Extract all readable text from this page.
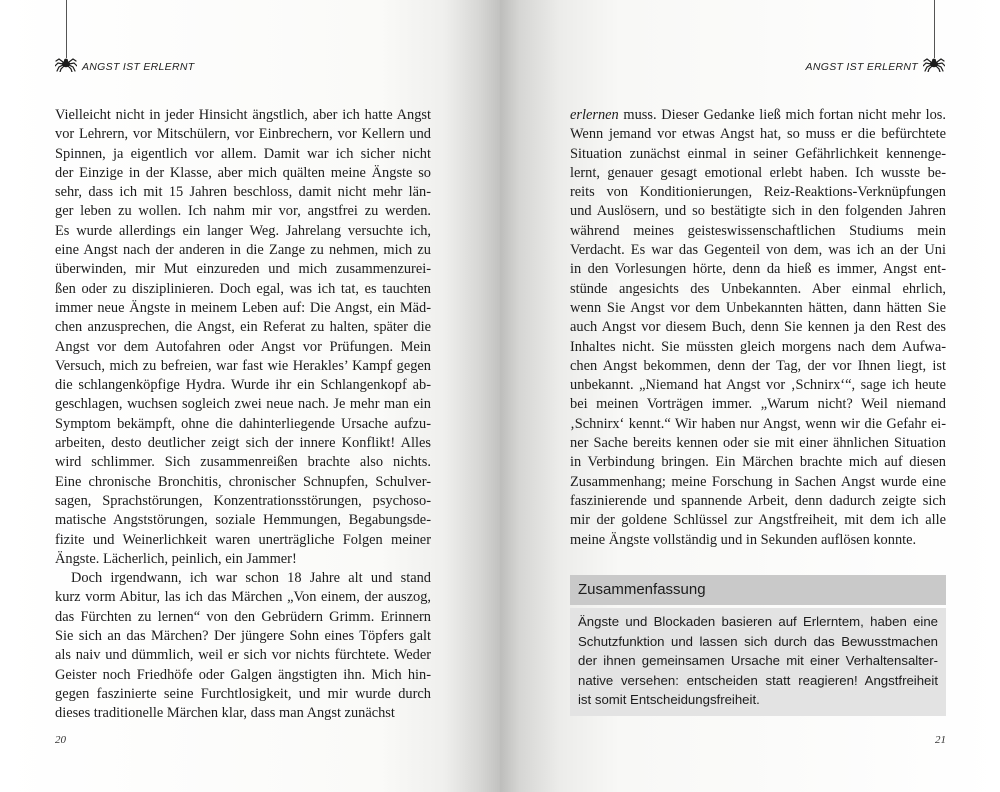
ANGST IST ERLERNT
Vielleicht nicht in jeder Hinsicht ängstlich, aber ich hatte Angst
vor Lehrern, vor Mitschülern, vor Einbrechern, vor Kellern und
Spinnen, ja eigentlich vor allem. Damit war ich sicher nicht
der Einzige in der Klasse, aber mich quälten meine Ängste so
sehr, dass ich mit 15 Jahren beschloss, damit nicht mehr län-
ger leben zu wollen. Ich nahm mir vor, angstfrei zu werden.
Es wurde allerdings ein langer Weg. Jahrelang versuchte ich,
eine Angst nach der anderen in die Zange zu nehmen, mich zu
überwinden, mir Mut einzureden und mich zusammenzurei-
ßen oder zu disziplinieren. Doch egal, was ich tat, es tauchten
immer neue Ängste in meinem Leben auf: Die Angst, ein Mäd-
chen anzusprechen, die Angst, ein Referat zu halten, später die
Angst vor dem Autofahren oder Angst vor Prüfungen. Mein
Versuch, mich zu befreien, war fast wie Herakles’ Kampf gegen
die schlangenköpfige Hydra. Wurde ihr ein Schlangenkopf ab-
geschlagen, wuchsen sogleich zwei neue nach. Je mehr man ein
Symptom bekämpft, ohne die dahinterliegende Ursache aufzu-
arbeiten, desto deutlicher zeigt sich der innere Konflikt! Alles
wird schlimmer. Sich zusammenreißen brachte also nichts.
Eine chronische Bronchitis, chronischer Schnupfen, Schulver-
sagen, Sprachstörungen, Konzentrationsstörungen, psychoso-
matische Angststörungen, soziale Hemmungen, Begabungsde-
fizite und Weinerlichkeit waren unerträgliche Folgen meiner
Ängste. Lächerlich, peinlich, ein Jammer!
Doch irgendwann, ich war schon 18 Jahre alt und stand
kurz vorm Abitur, las ich das Märchen „Von einem, der auszog,
das Fürchten zu lernen“ von den Gebrüdern Grimm. Erinnern
Sie sich an das Märchen? Der jüngere Sohn eines Töpfers galt
als naiv und dümmlich, weil er sich vor nichts fürchtete. Weder
Geister noch Friedhöfe oder Galgen ängstigten ihn. Mich hin-
gegen faszinierte seine Furchtlosigkeit, und mir wurde durch
dieses traditionelle Märchen klar, dass man Angst zunächst
20
ANGST IST ERLERNT
erlernen muss. Dieser Gedanke ließ mich fortan nicht mehr los.
Wenn jemand vor etwas Angst hat, so muss er die befürchtete
Situation zunächst einmal in seiner Gefährlichkeit kennenge-
lernt, genauer gesagt emotional erlebt haben. Ich wusste be-
reits von Konditionierungen, Reiz-Reaktions-Verknüpfungen
und Auslösern, und so bestätigte sich in den folgenden Jahren
während meines geisteswissenschaftlichen Studiums mein
Verdacht. Es war das Gegenteil von dem, was ich an der Uni
in den Vorlesungen hörte, denn da hieß es immer, Angst ent-
stünde angesichts des Unbekannten. Aber einmal ehrlich,
wenn Sie Angst vor dem Unbekannten hätten, dann hätten Sie
auch Angst vor diesem Buch, denn Sie kennen ja den Rest des
Inhaltes nicht. Sie müssten gleich morgens nach dem Aufwa-
chen Angst bekommen, denn der Tag, der vor Ihnen liegt, ist
unbekannt. „Niemand hat Angst vor ‚Schnirx‘“, sage ich heute
bei meinen Vorträgen immer. „Warum nicht? Weil niemand
‚Schnirx‘ kennt.“ Wir haben nur Angst, wenn wir die Gefahr ei-
ner Sache bereits kennen oder sie mit einer ähnlichen Situation
in Verbindung bringen. Ein Märchen brachte mich auf diesen
Zusammenhang; meine Forschung in Sachen Angst wurde eine
faszinierende und spannende Arbeit, denn dadurch zeigte sich
mir der goldene Schlüssel zur Angstfreiheit, mit dem ich alle
meine Ängste vollständig und in Sekunden auflösen konnte.
Zusammenfassung
Ängste und Blockaden basieren auf Erlerntem, haben eine
Schutzfunktion und lassen sich durch das Bewusstmachen
der ihnen gemeinsamen Ursache mit einer Verhaltensalter-
native versehen: entscheiden statt reagieren! Angstfreiheit
ist somit Entscheidungsfreiheit.
21
